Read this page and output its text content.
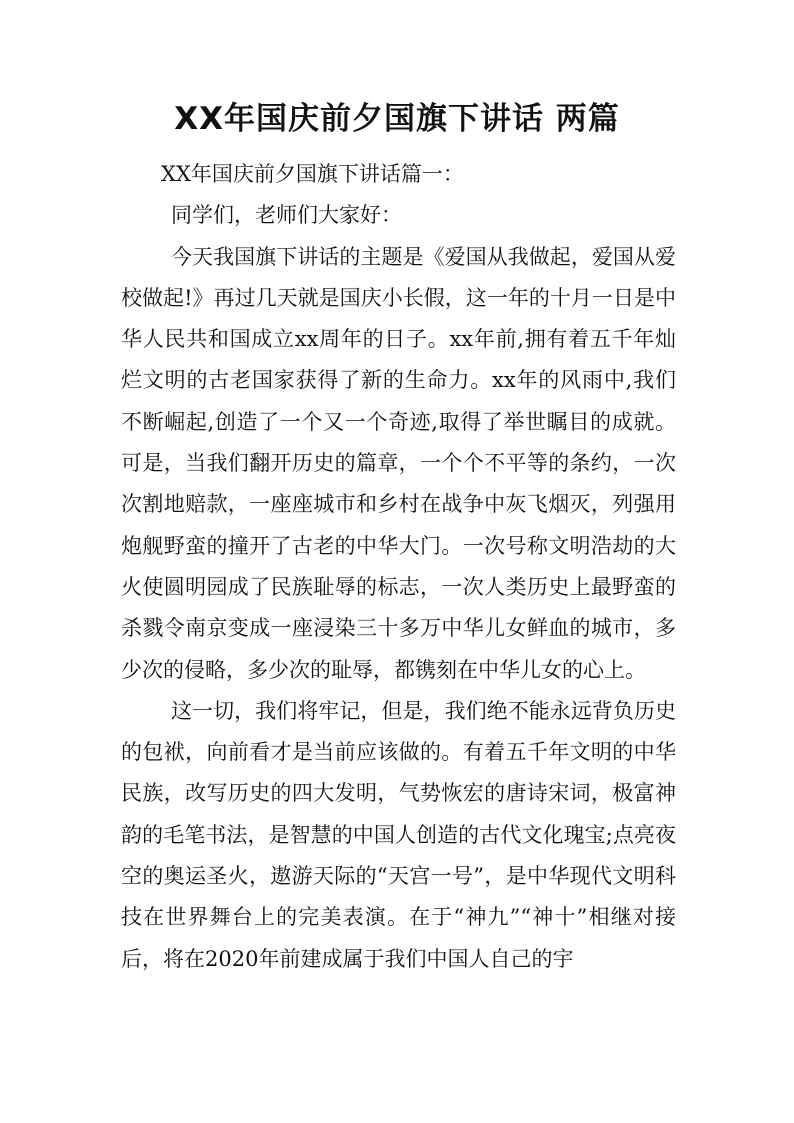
XX年国庆前夕国旗下讲话 两篇

XX年国庆前夕国旗下讲话篇一：

同学们，老师们大家好：

今天我国旗下讲话的主题是《爱国从我做起，爱国从爱校做起!》再过几天就是国庆小长假，这一年的十月一日是中华人民共和国成立xx周年的日子。xx年前,拥有着五千年灿烂文明的古老国家获得了新的生命力。xx年的风雨中,我们不断崛起,创造了一个又一个奇迹,取得了举世瞩目的成就。可是，当我们翻开历史的篇章，一个个不平等的条约，一次次割地赔款，一座座城市和乡村在战争中灰飞烟灭，列强用炮舰野蛮的撞开了古老的中华大门。一次号称文明浩劫的大火使圆明园成了民族耻辱的标志，一次人类历史上最野蛮的杀戮令南京变成一座浸染三十多万中华儿女鲜血的城市，多少次的侵略，多少次的耻辱，都镌刻在中华儿女的心上。

这一切，我们将牢记，但是，我们绝不能永远背负历史的包袱，向前看才是当前应该做的。有着五千年文明的中华民族，改写历史的四大发明，气势恢宏的唐诗宋词，极富神韵的毛笔书法，是智慧的中国人创造的古代文化瑰宝;点亮夜空的奥运圣火，遨游天际的“天宫一号”，是中华现代文明科技在世界舞台上的完美表演。在于“神九”“神十”相继对接后，将在2020年前建成属于我们中国人自己的宇
